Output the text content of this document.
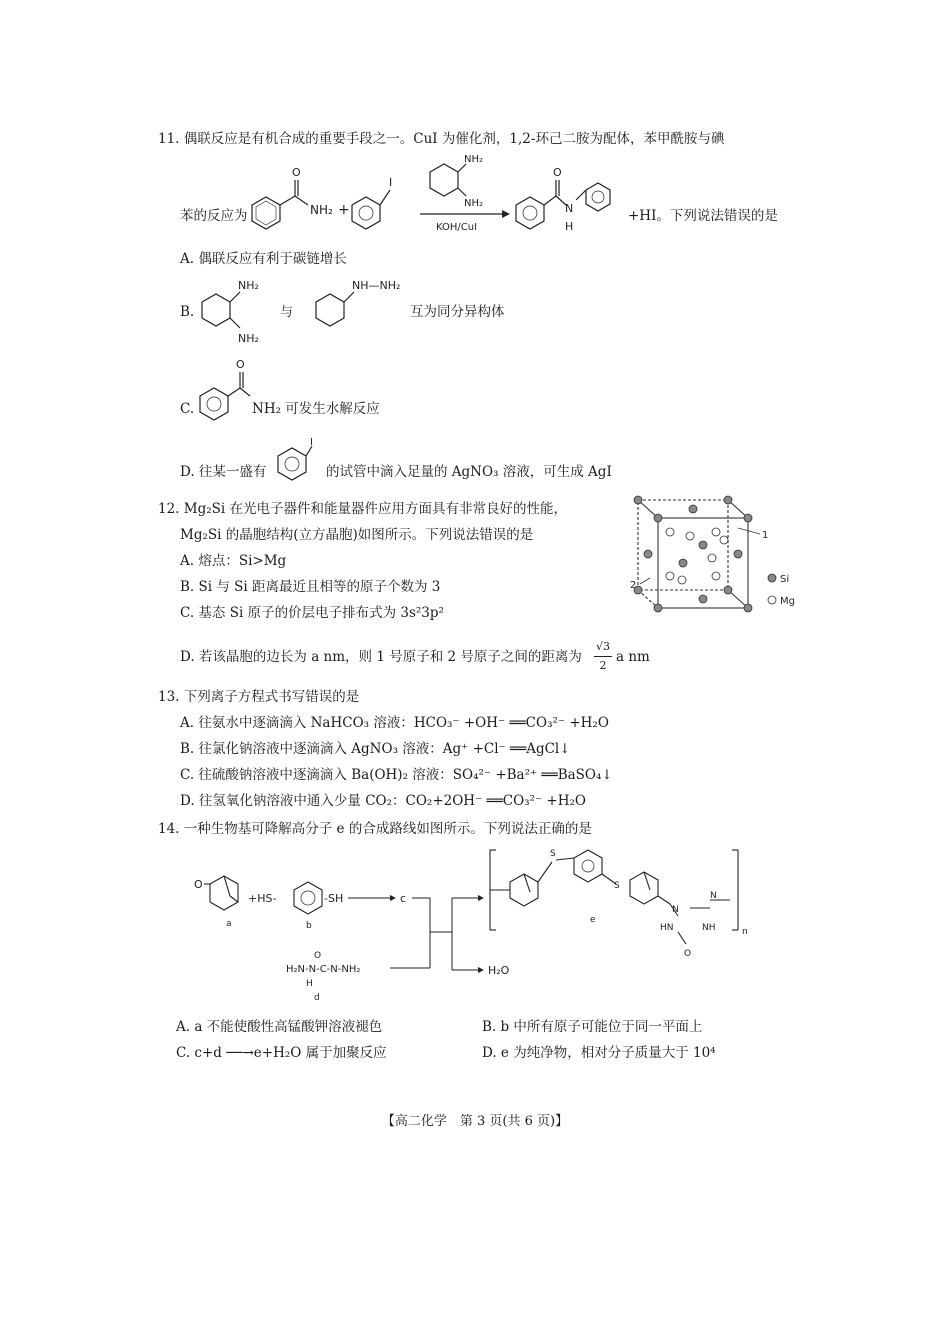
11. 偶联反应是有机合成的重要手段之一。CuI 为催化剂，1,2-环己二胺为配体，苯甲酰胺与碘
苯的反应为
O
NH₂ +
I
NH₂
NH₂
KOH/CuI
O
N
H
+HI。下列说法错误的是
A. 偶联反应有利于碳链增长
B.
NH₂
NH₂
与
NH—NH₂
互为同分异构体
C.
O
NH₂ 可发生水解反应
D. 往某一盛有
I
的试管中滴入足量的 AgNO₃ 溶液，可生成 AgI
12. Mg₂Si 在光电子器件和能量器件应用方面具有非常良好的性能，
Mg₂Si 的晶胞结构(立方晶胞)如图所示。下列说法错误的是
A. 熔点：Si>Mg
B. Si 与 Si 距离最近且相等的原子个数为 3
C. 基态 Si 原子的价层电子排布式为 3s²3p²
D. 若该晶胞的边长为 a nm，则 1 号原子和 2 号原子之间的距离为
√3
2
a nm
1
2
Si
Mg
13. 下列离子方程式书写错误的是
A. 往氨水中逐滴滴入 NaHCO₃ 溶液：HCO₃⁻ +OH⁻ ══CO₃²⁻ +H₂O
B. 往氯化钠溶液中逐滴滴入 AgNO₃ 溶液：Ag⁺ +Cl⁻ ══AgCl↓
C. 往硫酸钠溶液中逐滴滴入 Ba(OH)₂ 溶液：SO₄²⁻ +Ba²⁺ ══BaSO₄↓
D. 往氢氧化钠溶液中通入少量 CO₂：CO₂+2OH⁻ ══CO₃²⁻ +H₂O
14. 一种生物基可降解高分子 e 的合成路线如图所示。下列说法正确的是
O
a
+HS-	-SH
b
c
O
H₂N-N-C-N-NH₂
H
d
H₂O
S
S
N
N
HN	NH
O
n
e
A. a 不能使酸性高锰酸钾溶液褪色	B. b 中所有原子可能位于同一平面上
C. c+d ──→e+H₂O 属于加聚反应	D. e 为纯净物，相对分子质量大于 10⁴
【高二化学　第 3 页(共 6 页)】
